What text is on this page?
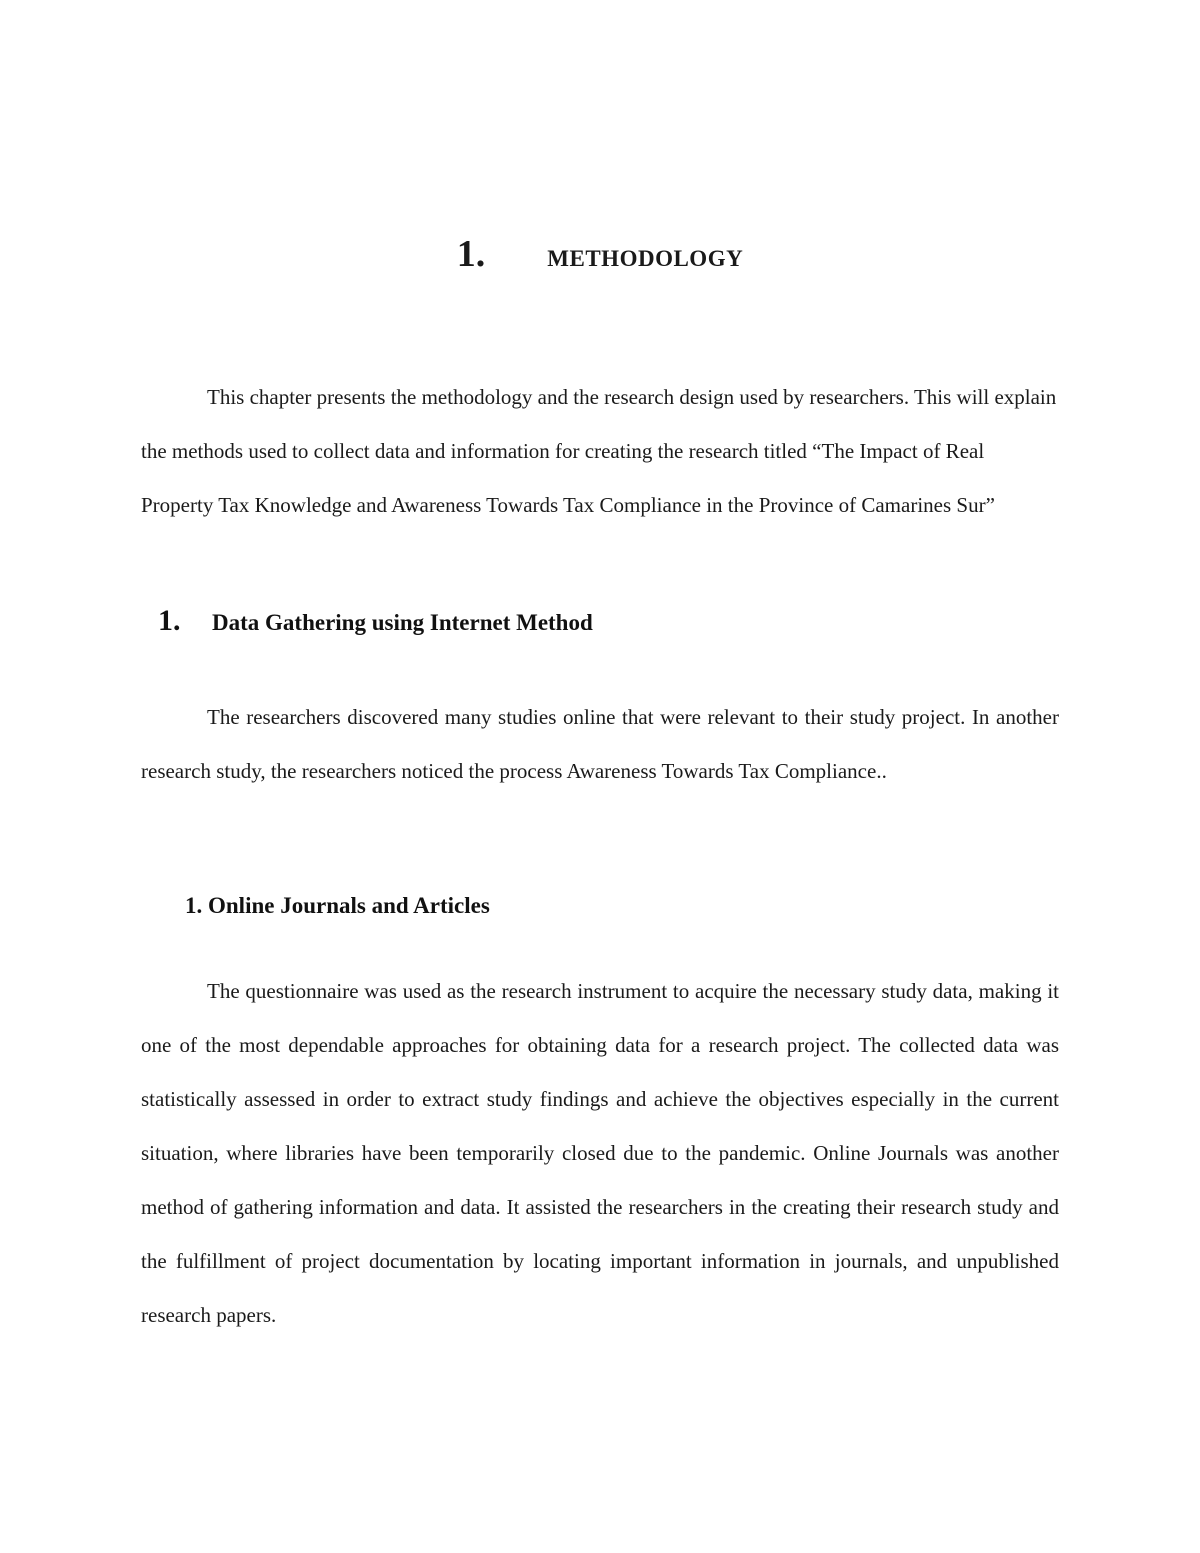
1.	METHODOLOGY

This chapter presents the methodology and the research design used by researchers. This will explain the methods used to collect data and information for creating the research titled “The Impact of Real Property Tax Knowledge and Awareness Towards Tax Compliance in the Province of Camarines Sur”

1. Data Gathering using Internet Method

The researchers discovered many studies online that were relevant to their study project. In another research study, the researchers noticed the process Awareness Towards Tax Compliance..

1. Online Journals and Articles

The questionnaire was used as the research instrument to acquire the necessary study data, making it one of the most dependable approaches for obtaining data for a research project. The collected data was statistically assessed in order to extract study findings and achieve the objectives especially in the current situation, where libraries have been temporarily closed due to the pandemic. Online Journals was another method of gathering information and data. It assisted the researchers in the creating their research study and the fulfillment of project documentation by locating important information in journals, and unpublished research papers.
